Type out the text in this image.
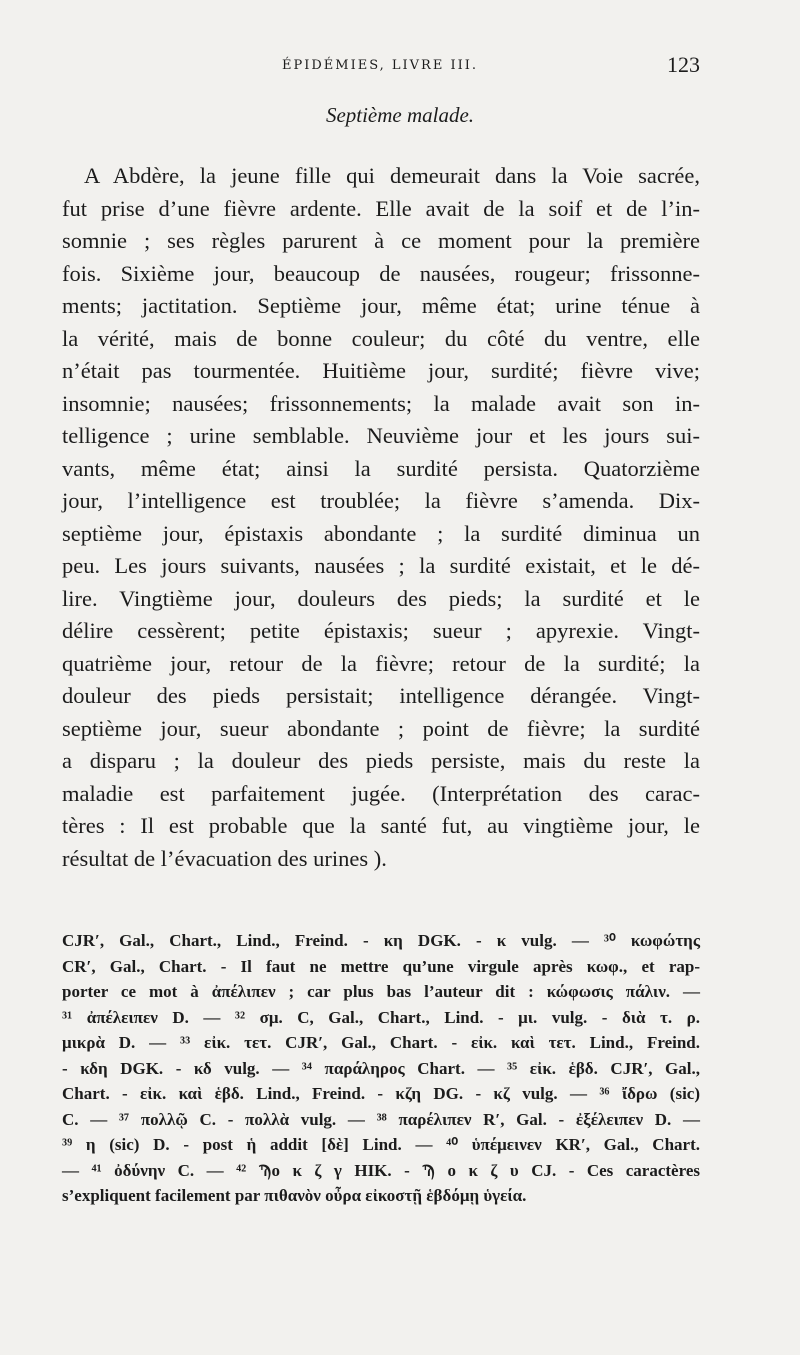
ÉPIDÉMIES, LIVRE III.	123
Septième malade.
A Abdère, la jeune fille qui demeurait dans la Voie sacrée,
fut prise d’une fièvre ardente. Elle avait de la soif et de l’in-
somnie ; ses règles parurent à ce moment pour la première
fois. Sixième jour, beaucoup de nausées, rougeur; frissonne-
ments; jactitation. Septième jour, même état; urine ténue à
la vérité, mais de bonne couleur; du côté du ventre, elle
n’était pas tourmentée. Huitième jour, surdité; fièvre vive;
insomnie; nausées; frissonnements; la malade avait son in-
telligence ; urine semblable. Neuvième jour et les jours sui-
vants, même état; ainsi la surdité persista. Quatorzième
jour, l’intelligence est troublée; la fièvre s’amenda. Dix-
septième jour, épistaxis abondante ; la surdité diminua un
peu. Les jours suivants, nausées ; la surdité existait, et le dé-
lire. Vingtième jour, douleurs des pieds; la surdité et le
délire cessèrent; petite épistaxis; sueur ; apyrexie. Vingt-
quatrième jour, retour de la fièvre; retour de la surdité; la
douleur des pieds persistait; intelligence dérangée. Vingt-
septième jour, sueur abondante ; point de fièvre; la surdité
a disparu ; la douleur des pieds persiste, mais du reste la
maladie est parfaitement jugée. (Interprétation des carac-
tères : Il est probable que la santé fut, au vingtième jour, le
résultat de l’évacuation des urines ).
CJR′, Gal., Chart., Lind., Freind. - κη DGK. - κ vulg. — ³⁰ κωφώτης
CR′, Gal., Chart. - Il faut ne mettre qu’une virgule après κωφ., et rap-
porter ce mot à ἀπέλιπεν ; car plus bas l’auteur dit : κώφωσις πάλιν. —
³¹ ἀπέλειπεν D. — ³² σμ. C, Gal., Chart., Lind. - μι. vulg. - διὰ τ. ρ.
μικρὰ D. — ³³ εἰκ. τετ. CJR′, Gal., Chart. - εἰκ. καὶ τετ. Lind., Freind.
- κδη DGK. - κδ vulg. — ³⁴ παράληρος Chart. — ³⁵ εἰκ. ἑβδ. CJR′, Gal.,
Chart. - εἰκ. καὶ ἑβδ. Lind., Freind. - κζη DG. - κζ vulg. — ³⁶ ἴδρω (sic)
C. — ³⁷ πολλῷ C. - πολλὰ vulg. — ³⁸ παρέλιπεν R′, Gal. - ἐξέλειπεν D. —
³⁹ η (sic) D. - post ἡ addit [δὲ] Lind. — ⁴⁰ ὑπέμεινεν KR′, Gal., Chart.
— ⁴¹ ὀδύνην C. — ⁴² Ϡο κ ζ γ HIK. - Ϡ ο κ ζ υ CJ. - Ces caractères
s’expliquent facilement par πιθανὸν οὖρα εἰκοστῇ ἑβδόμῃ ὑγεία.
